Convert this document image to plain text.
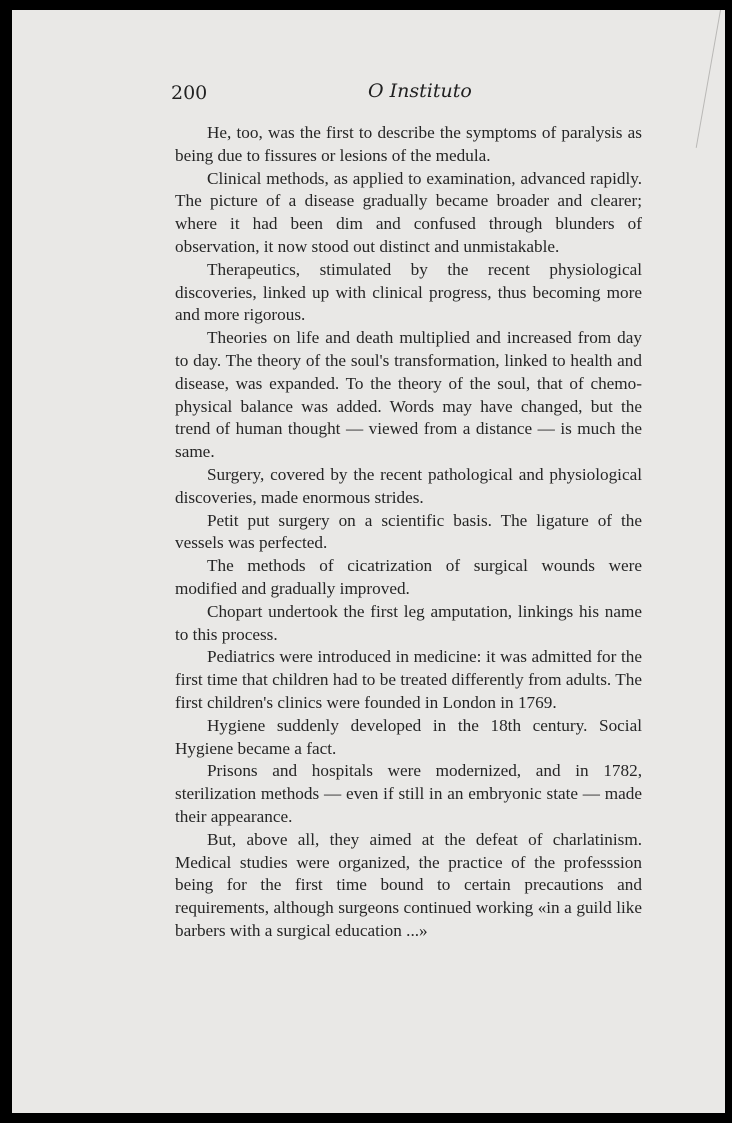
200	O Instituto

He, too, was the first to describe the symptoms of paralysis as being due to fissures or lesions of the medula.

Clinical methods, as applied to examination, advanced rapidly. The picture of a disease gradually became broader and clearer; where it had been dim and confused through blunders of observation, it now stood out distinct and unmistakable.

Therapeutics, stimulated by the recent physiological discoveries, linked up with clinical progress, thus becoming more and more rigorous.

Theories on life and death multiplied and increased from day to day. The theory of the soul's transformation, linked to health and disease, was expanded. To the theory of the soul, that of chemo-physical balance was added. Words may have changed, but the trend of human thought — viewed from a distance — is much the same.

Surgery, covered by the recent pathological and physiological discoveries, made enormous strides.

Petit put surgery on a scientific basis. The ligature of the vessels was perfected.

The methods of cicatrization of surgical wounds were modified and gradually improved.

Chopart undertook the first leg amputation, linkings his name to this process.

Pediatrics were introduced in medicine: it was admitted for the first time that children had to be treated differently from adults. The first children's clinics were founded in London in 1769.

Hygiene suddenly developed in the 18th century. Social Hygiene became a fact.

Prisons and hospitals were modernized, and in 1782, sterilization methods — even if still in an embryonic state — made their appearance.

But, above all, they aimed at the defeat of charlatinism. Medical studies were organized, the practice of the professsion being for the first time bound to certain precautions and requirements, although surgeons continued working «in a guild like barbers with a surgical education ...»
